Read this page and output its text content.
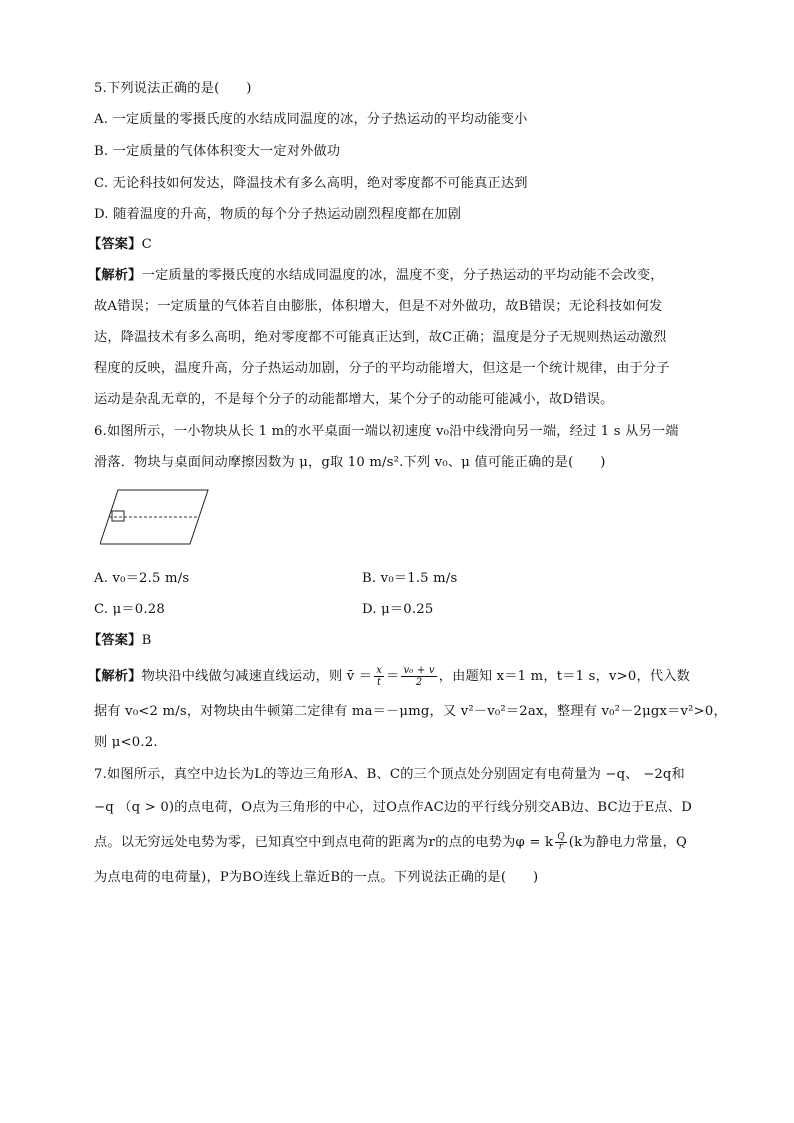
5.下列说法正确的是(　　)
A. 一定质量的零摄氏度的水结成同温度的冰，分子热运动的平均动能变小
B. 一定质量的气体体积变大一定对外做功
C. 无论科技如何发达，降温技术有多么高明，绝对零度都不可能真正达到
D. 随着温度的升高，物质的每个分子热运动剧烈程度都在加剧
【答案】C
【解析】一定质量的零摄氏度的水结成同温度的冰，温度不变，分子热运动的平均动能不会改变，
故A错误；一定质量的气体若自由膨胀，体积增大，但是不对外做功，故B错误；无论科技如何发
达，降温技术有多么高明，绝对零度都不可能真正达到，故C正确；温度是分子无规则热运动激烈
程度的反映，温度升高，分子热运动加剧，分子的平均动能增大，但这是一个统计规律，由于分子
运动是杂乱无章的，不是每个分子的动能都增大，某个分子的动能可能减小，故D错误。
6.如图所示，一小物块从长 1 m的水平桌面一端以初速度 v₀沿中线滑向另一端，经过 1 s 从另一端
滑落．物块与桌面间动摩擦因数为 μ，g取 10 m/s².下列 v₀、μ 值可能正确的是(　　)
A. v₀＝2.5 m/s	B. v₀＝1.5 m/s
C. μ＝0.28	D. μ＝0.25
【答案】B
【解析】物块沿中线做匀减速直线运动，则 v̄ ＝ $\frac{x}{t} = \frac{\text{v₀ + v}}{2}$ ，由题知 x＝1 m，t＝1 s，v>0，代入数
据有 v₀<2 m/s，对物块由牛顿第二定律有 ma＝－μmg，又 v²－v₀²＝2ax，整理有 v₀²－2μgx＝v²>0，
则 μ<0.2.
7.如图所示，真空中边长为L的等边三角形A、B、C的三个顶点处分别固定有电荷量为 −q、 −2q和
−q （q > 0)的点电荷，O点为三角形的中心，过O点作AC边的平行线分别交AB边、BC边于E点、D
点。以无穷远处电势为零，已知真空中到点电荷的距离为r的点的电势为φ = k $\frac{Q}{r} (k$为静电力常量，Q
为点电荷的电荷量)，P为BO连线上靠近B的一点。下列说法正确的是(　　)
